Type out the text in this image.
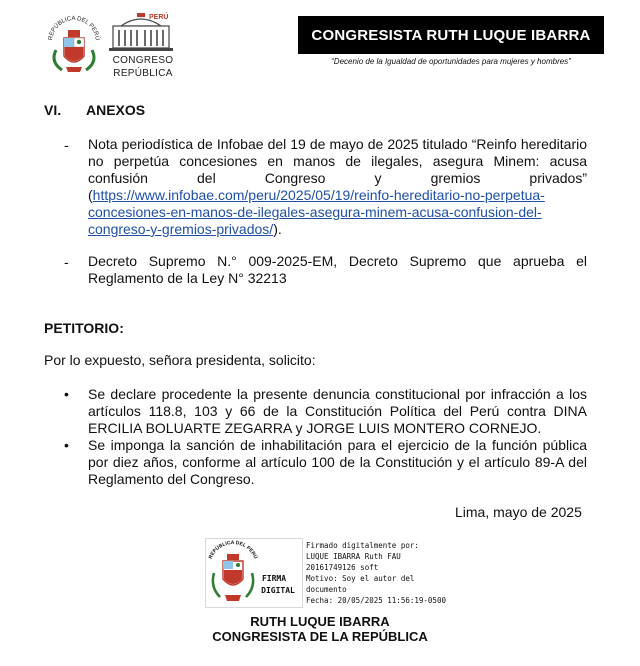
REPÚBLICA DEL PERÚ
PERÚ
CONGRESO
REPÚBLICA
CONGRESISTA RUTH LUQUE IBARRA
“Decenio de la Igualdad de oportunidades para mujeres y hombres”
VI. ANEXOS
- Nota periodística de Infobae del 19 de mayo de 2025 titulado “Reinfo hereditario no perpetúa concesiones en manos de ilegales, asegura Minem: acusa confusión del Congreso y gremios privados” (https://www.infobae.com/peru/2025/05/19/reinfo-hereditario-no-perpetua-concesiones-en-manos-de-ilegales-asegura-minem-acusa-confusion-del-congreso-y-gremios-privados/).
- Decreto Supremo N.° 009-2025-EM, Decreto Supremo que aprueba el Reglamento de la Ley N° 32213
PETITORIO:
Por lo expuesto, señora presidenta, solicito:
• Se declare procedente la presente denuncia constitucional por infracción a los artículos 118.8, 103 y 66 de la Constitución Política del Perú contra DINA ERCILIA BOLUARTE ZEGARRA y JORGE LUIS MONTERO CORNEJO.
• Se imponga la sanción de inhabilitación para el ejercicio de la función pública por diez años, conforme al artículo 100 de la Constitución y el artículo 89-A del Reglamento del Congreso.
Lima, mayo de 2025
REPÚBLICA DEL PERÚ
FIRMA
DIGITAL
Firmado digitalmente por:
LUQUE IBARRA Ruth FAU
20161749126 soft
Motivo: Soy el autor del
documento
Fecha: 20/05/2025 11:56:19-0500
RUTH LUQUE IBARRA
CONGRESISTA DE LA REPÚBLICA
